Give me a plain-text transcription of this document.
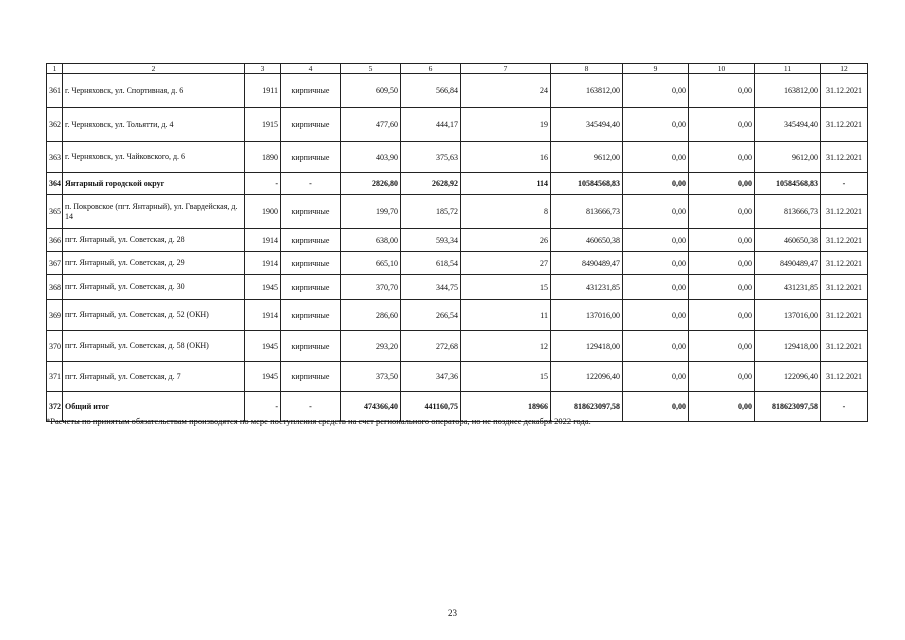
1	2	3	4	5	6	7	8	9	10	11	12
361	г. Черняховск, ул. Спортивная, д. 6	1911	кирпичные	609,50	566,84	24	163812,00	0,00	0,00	163812,00	31.12.2021
362	г. Черняховск, ул. Тольятти, д. 4	1915	кирпичные	477,60	444,17	19	345494,40	0,00	0,00	345494,40	31.12.2021
363	г. Черняховск, ул. Чайковского, д. 6	1890	кирпичные	403,90	375,63	16	9612,00	0,00	0,00	9612,00	31.12.2021
364	Янтарный городской округ	-	-	2826,80	2628,92	114	10584568,83	0,00	0,00	10584568,83	-
365	п. Покровское (пгт. Янтарный), ул. Гвардейская, д. 14	1900	кирпичные	199,70	185,72	8	813666,73	0,00	0,00	813666,73	31.12.2021
366	пгт. Янтарный, ул. Советская, д. 28	1914	кирпичные	638,00	593,34	26	460650,38	0,00	0,00	460650,38	31.12.2021
367	пгт. Янтарный, ул. Советская, д. 29	1914	кирпичные	665,10	618,54	27	8490489,47	0,00	0,00	8490489,47	31.12.2021
368	пгт. Янтарный, ул. Советская, д. 30	1945	кирпичные	370,70	344,75	15	431231,85	0,00	0,00	431231,85	31.12.2021
369	пгт. Янтарный, ул. Советская, д. 52 (ОКН)	1914	кирпичные	286,60	266,54	11	137016,00	0,00	0,00	137016,00	31.12.2021
370	пгт. Янтарный, ул. Советская, д. 58 (ОКН)	1945	кирпичные	293,20	272,68	12	129418,00	0,00	0,00	129418,00	31.12.2021
371	пгт. Янтарный, ул. Советская, д. 7	1945	кирпичные	373,50	347,36	15	122096,40	0,00	0,00	122096,40	31.12.2021
372	Общий итог	-	-	474366,40	441160,75	18966	818623097,58	0,00	0,00	818623097,58	-
*Расчеты по принятым обязательствам производятся по мере поступления средств на счет регионального оператора, но не позднее декабря 2022 года.
23
